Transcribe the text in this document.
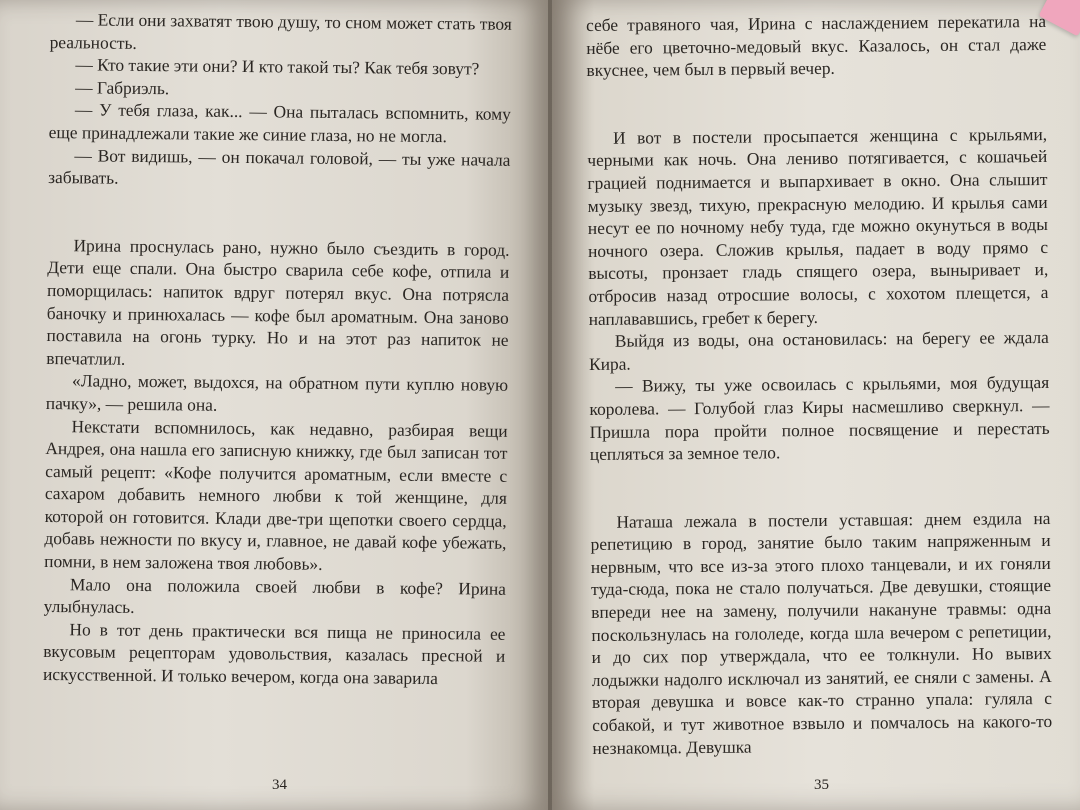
— Если они захватят твою душу, то сном может стать твоя реальность.

— Кто такие эти они? И кто такой ты? Как тебя зовут?

— Габриэль.

— У тебя глаза, как... — Она пыталась вспомнить, кому еще принадлежали такие же синие глаза, но не могла.

— Вот видишь, — он покачал головой, — ты уже начала забывать.

Ирина проснулась рано, нужно было съездить в город. Дети еще спали. Она быстро сварила себе кофе, отпила и поморщилась: напиток вдруг потерял вкус. Она потрясла баночку и принюхалась — кофе был ароматным. Она заново поставила на огонь турку. Но и на этот раз напиток не впечатлил.

«Ладно, может, выдохся, на обратном пути куплю новую пачку», — решила она.

Некстати вспомнилось, как недавно, разбирая вещи Андрея, она нашла его записную книжку, где был записан тот самый рецепт: «Кофе получится ароматным, если вместе с сахаром добавить немного любви к той женщине, для которой он готовится. Клади две-три щепотки своего сердца, добавь нежности по вкусу и, главное, не давай кофе убежать, помни, в нем заложена твоя любовь».

Мало она положила своей любви в кофе? Ирина улыбнулась.

Но в тот день практически вся пища не приносила ее вкусовым рецепторам удовольствия, казалась пресной и искусственной. И только вечером, когда она заварила

34

себе травяного чая, Ирина с наслаждением перекатила на нёбе его цветочно-медовый вкус. Казалось, он стал даже вкуснее, чем был в первый вечер.

И вот в постели просыпается женщина с крыльями, черными как ночь. Она лениво потягивается, с кошачьей грацией поднимается и выпархивает в окно. Она слышит музыку звезд, тихую, прекрасную мелодию. И крылья сами несут ее по ночному небу туда, где можно окунуться в воды ночного озера. Сложив крылья, падает в воду прямо с высоты, пронзает гладь спящего озера, выныривает и, отбросив назад отросшие волосы, с хохотом плещется, а наплававшись, гребет к берегу.

Выйдя из воды, она остановилась: на берегу ее ждала Кира.

— Вижу, ты уже освоилась с крыльями, моя будущая королева. — Голубой глаз Киры насмешливо сверкнул. — Пришла пора пройти полное посвящение и перестать цепляться за земное тело.

Наташа лежала в постели уставшая: днем ездила на репетицию в город, занятие было таким напряженным и нервным, что все из-за этого плохо танцевали, и их гоняли туда-сюда, пока не стало получаться. Две девушки, стоящие впереди нее на замену, получили накануне травмы: одна поскользнулась на гололеде, когда шла вечером с репетиции, и до сих пор утверждала, что ее толкнули. Но вывих лодыжки надолго исключал из занятий, ее сняли с замены. А вторая девушка и вовсе как-то странно упала: гуляла с собакой, и тут животное взвыло и помчалось на какого-то незнакомца. Девушка

35
